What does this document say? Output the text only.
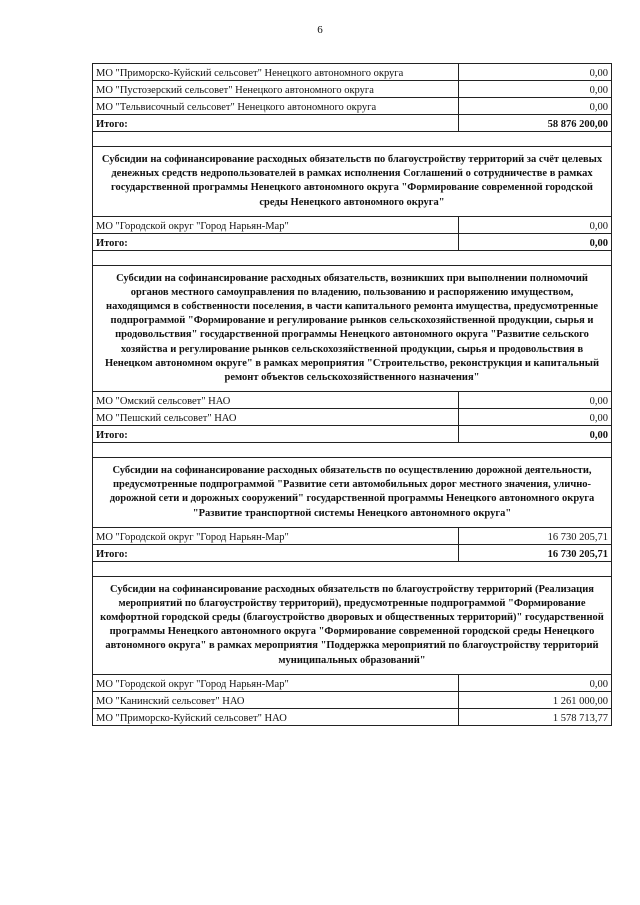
6
МО "Приморско-Куйский сельсовет" Ненецкого автономного округа	0,00
МО "Пустозерский сельсовет" Ненецкого автономного округа	0,00
МО "Тельвисочный сельсовет" Ненецкого автономного округа	0,00
Итого:	58 876 200,00

Субсидии на софинансирование расходных обязательств по благоустройству территорий за счёт целевых денежных средств недропользователей в рамках исполнения Соглашений о сотрудничестве в рамках государственной программы Ненецкого автономного округа "Формирование современной городской среды Ненецкого автономного округа"	
МО "Городской округ "Город Нарьян-Мар"	0,00
Итого:	0,00

Субсидии на софинансирование расходных обязательств, возникших при выполнении полномочий органов местного самоуправления по владению, пользованию и распоряжению имуществом, находящимся в собственности поселения, в части капитального ремонта имущества, предусмотренные подпрограммой "Формирование и регулирование рынков сельскохозяйственной продукции, сырья и продовольствия" государственной программы Ненецкого автономного округа "Развитие сельского хозяйства и регулирование рынков сельскохозяйственной продукции, сырья и продовольствия в Ненецком автономном округе" в рамках мероприятия "Строительство, реконструкция и капитальный ремонт объектов сельскохозяйственного назначения"	
МО "Омский сельсовет" НАО	0,00
МО "Пешский сельсовет" НАО	0,00
Итого:	0,00

Субсидии на софинансирование расходных обязательств по осуществлению дорожной деятельности, предусмотренные подпрограммой "Развитие сети автомобильных дорог местного значения, улично-дорожной сети и дорожных сооружений" государственной программы Ненецкого автономного округа "Развитие транспортной системы Ненецкого автономного округа"	
МО "Городской округ "Город Нарьян-Мар"	16 730 205,71
Итого:	16 730 205,71

Субсидии на софинансирование расходных обязательств по благоустройству территорий (Реализация мероприятий по благоустройству территорий), предусмотренные подпрограммой "Формирование комфортной городской среды (благоустройство дворовых и общественных территорий)" государственной программы Ненецкого автономного округа "Формирование современной городской среды Ненецкого автономного округа" в рамках мероприятия "Поддержка мероприятий по благоустройству территорий муниципальных образований"	
МО "Городской округ "Город Нарьян-Мар"	0,00
МО "Канинский сельсовет" НАО	1 261 000,00
МО "Приморско-Куйский сельсовет" НАО	1 578 713,77
